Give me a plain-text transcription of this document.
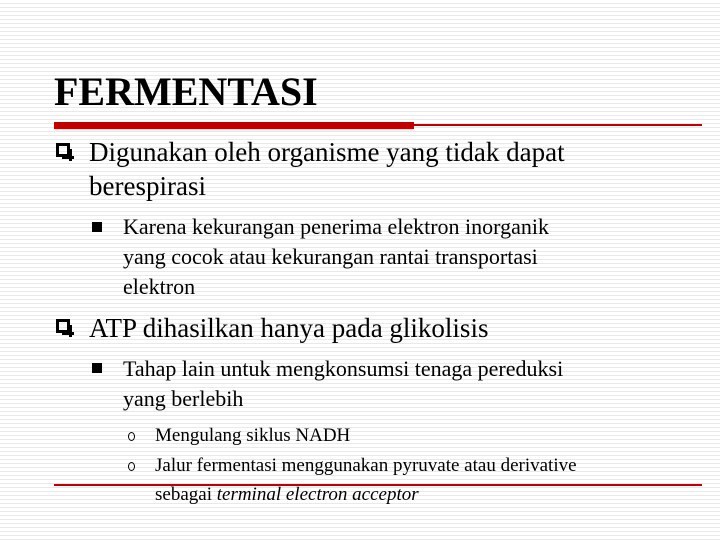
FERMENTASI
Digunakan oleh organisme yang tidak dapat
berespirasi
Karena kekurangan penerima elektron inorganik
yang cocok atau kekurangan rantai transportasi
elektron
ATP dihasilkan hanya pada glikolisis
Tahap lain untuk mengkonsumsi tenaga pereduksi
yang berlebih
Mengulang siklus NADH
Jalur fermentasi menggunakan pyruvate atau derivative
sebagai terminal electron acceptor
